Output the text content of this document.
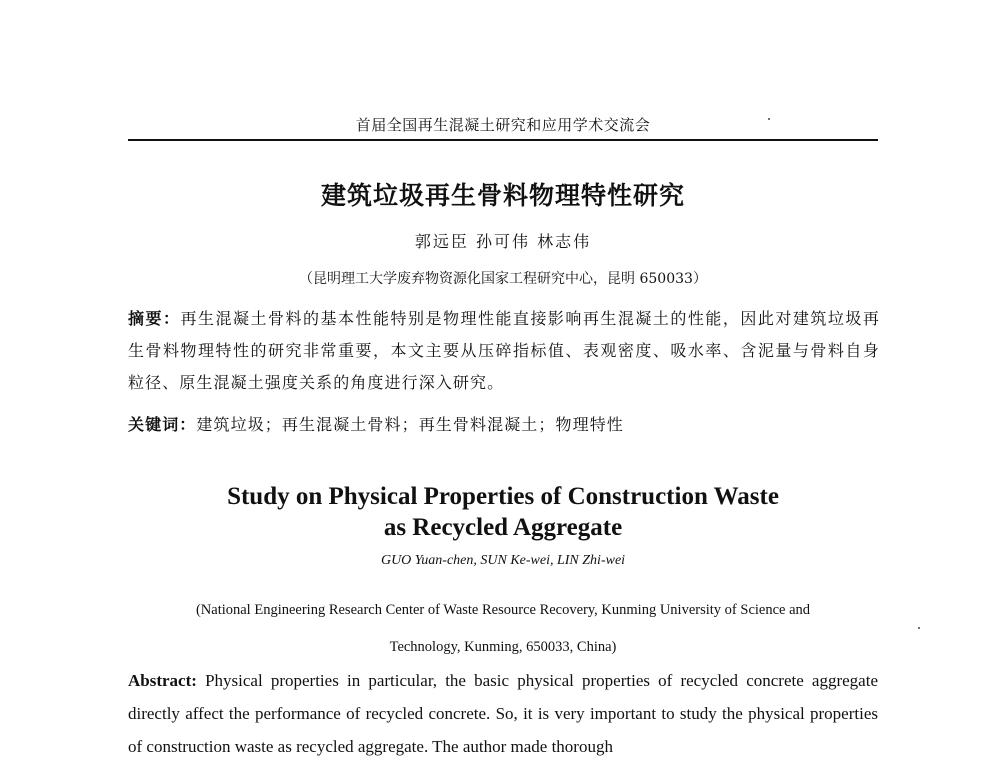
首届全国再生混凝土研究和应用学术交流会
建筑垃圾再生骨料物理特性研究
郭远臣 孙可伟 林志伟
（昆明理工大学废弃物资源化国家工程研究中心，昆明 650033）
摘要：再生混凝土骨料的基本性能特别是物理性能直接影响再生混凝土的性能，因此对建筑垃圾再生骨料物理特性的研究非常重要，本文主要从压碎指标值、表观密度、吸水率、含泥量与骨料自身粒径、原生混凝土强度关系的角度进行深入研究。
关键词：建筑垃圾；再生混凝土骨料；再生骨料混凝土；物理特性
Study on Physical Properties of Construction Waste
as Recycled Aggregate
GUO Yuan-chen, SUN Ke-wei, LIN Zhi-wei
(National Engineering Research Center of Waste Resource Recovery, Kunming University of Science and
Technology, Kunming, 650033, China)
Abstract: Physical properties in particular, the basic physical properties of recycled concrete aggregate directly affect the performance of recycled concrete. So, it is very important to study the physical properties of construction waste as recycled aggregate. The author made thorough
